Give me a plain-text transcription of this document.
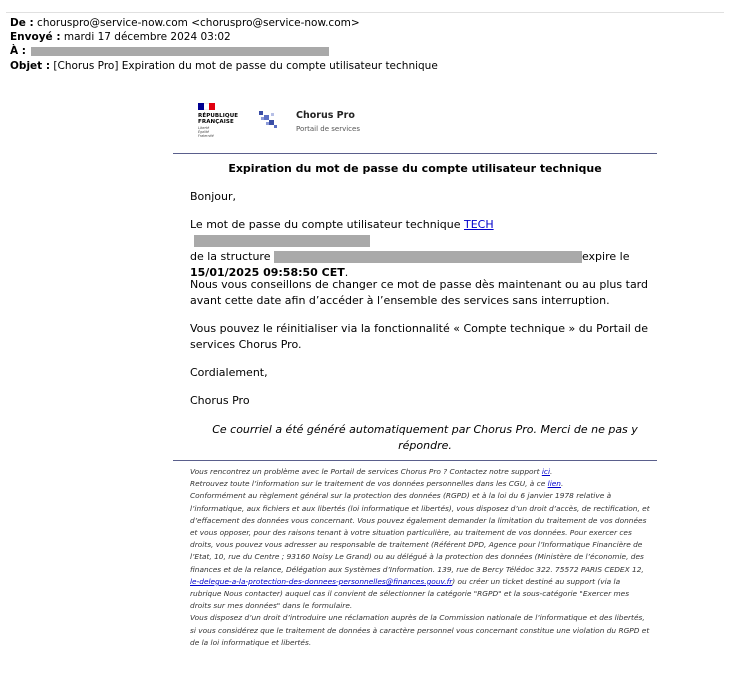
De : choruspro@service-now.com <choruspro@service-now.com>
Envoyé : mardi 17 décembre 2024 03:02
À :
Objet : [Chorus Pro] Expiration du mot de passe du compte utilisateur technique
RÉPUBLIQUE
FRANÇAISE
Liberté
Égalité
Fraternité
Chorus Pro
Portail de services
Expiration du mot de passe du compte utilisateur technique
Bonjour,
Le mot de passe du compte utilisateur technique TECH
de la structure	expire le
15/01/2025 09:58:50 CET.
Nous vous conseillons de changer ce mot de passe dès maintenant ou au plus tard avant cette date afin d’accéder à l’ensemble des services sans interruption.
Vous pouvez le réinitialiser via la fonctionnalité « Compte technique » du Portail de services Chorus Pro.
Cordialement,
Chorus Pro
Ce courriel a été généré automatiquement par Chorus Pro. Merci de ne pas y répondre.

Vous rencontrez un problème avec le Portail de services Chorus Pro ? Contactez notre support ici.

Retrouvez toute l’information sur le traitement de vos données personnelles dans les CGU, à ce lien.

Conformément au règlement général sur la protection des données (RGPD) et à la loi du 6 janvier 1978 relative à l’informatique, aux fichiers et aux libertés (loi informatique et libertés), vous disposez d’un droit d’accès, de rectification, et d’effacement des données vous concernant. Vous pouvez également demander la limitation du traitement de vos données et vous opposer, pour des raisons tenant à votre situation particulière, au traitement de vos données. Pour exercer ces droits, vous pouvez vous adresser au responsable de traitement (Référent DPD, Agence pour l’Informatique Financière de l’Etat, 10, rue du Centre ; 93160 Noisy Le Grand) ou au délégué à la protection des données (Ministère de l’économie, des finances et de la relance, Délégation aux Systèmes d’Information. 139, rue de Bercy Télédoc 322. 75572 PARIS CEDEX 12, le-delegue-a-la-protection-des-donnees-personnelles@finances.gouv.fr) ou créer un ticket destiné au support (via la rubrique Nous contacter) auquel cas il convient de sélectionner la catégorie "RGPD" et la sous-catégorie "Exercer mes droits sur mes données" dans le formulaire.

Vous disposez d’un droit d’introduire une réclamation auprès de la Commission nationale de l’informatique et des libertés, si vous considérez que le traitement de données à caractère personnel vous concernant constitue une violation du RGPD et de la loi informatique et libertés.
